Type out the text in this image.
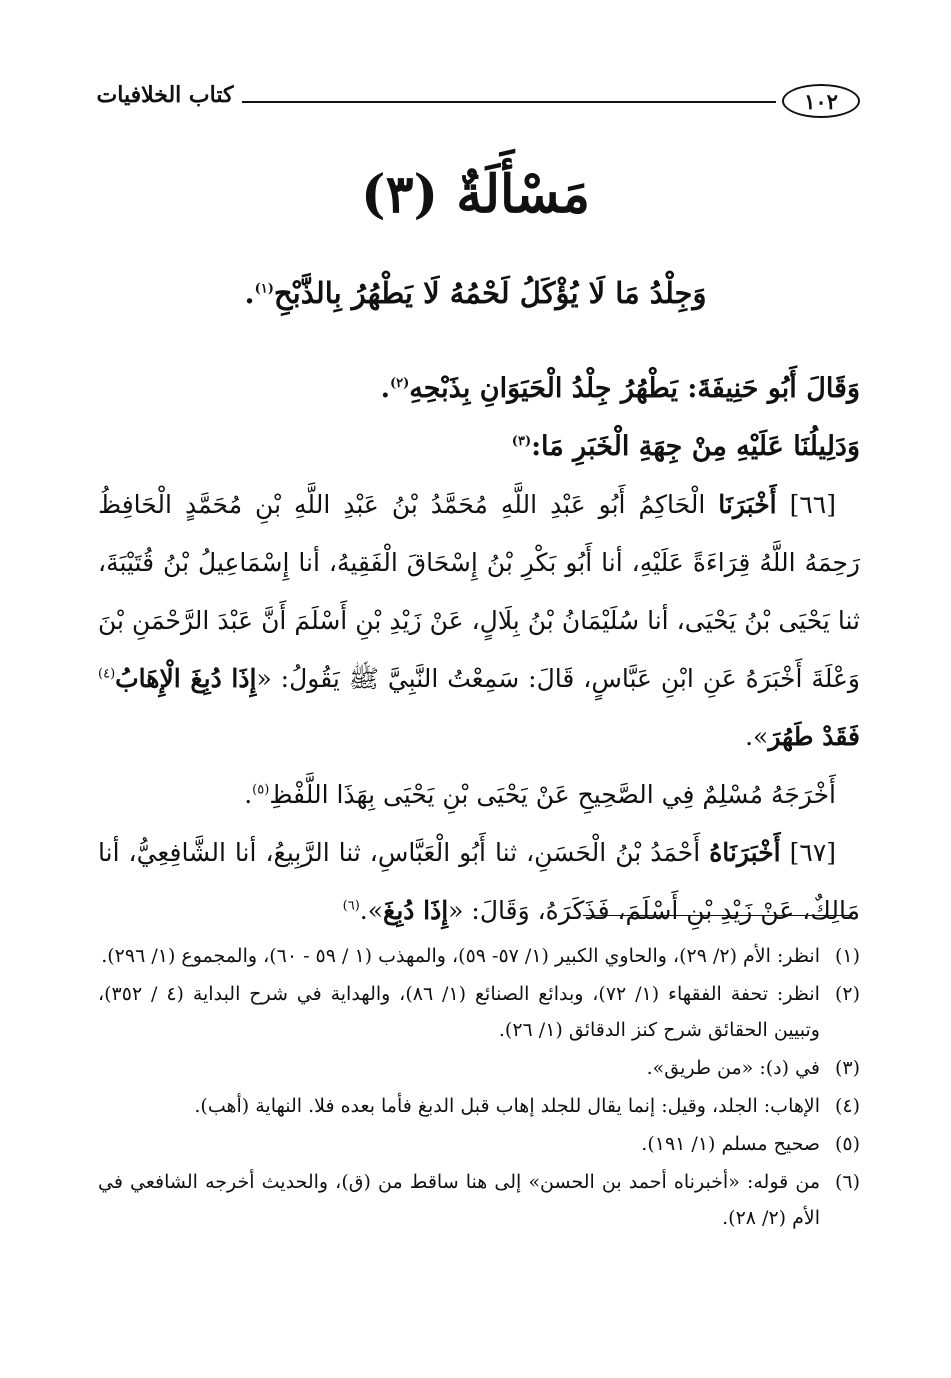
١٠٢
كتاب الخلافيات
مَسْأَلَةٌ (٣)
وَجِلْدُ مَا لَا يُؤْكَلُ لَحْمُهُ لَا يَطْهُرُ بِالذَّبْحِ$^{(١)}$.

وَقَالَ أَبُو حَنِيفَةَ: يَطْهُرُ جِلْدُ الْحَيَوَانِ بِذَبْحِهِ$^{(٢)}$.

وَدَلِيلُنَا عَلَيْهِ مِنْ جِهَةِ الْخَبَرِ مَا:$^{(٣)}$

[٦٦] أَخْبَرَنَا الْحَاكِمُ أَبُو عَبْدِ اللَّهِ مُحَمَّدُ بْنُ عَبْدِ اللَّهِ بْنِ مُحَمَّدٍ الْحَافِظُ رَحِمَهُ اللَّهُ قِرَاءَةً عَلَيْهِ، أنا أَبُو بَكْرِ بْنُ إِسْحَاقَ الْفَقِيهُ، أنا إِسْمَاعِيلُ بْنُ قُتَيْبَةَ، ثنا يَحْيَى بْنُ يَحْيَى، أنا سُلَيْمَانُ بْنُ بِلَالٍ، عَنْ زَيْدِ بْنِ أَسْلَمَ أَنَّ عَبْدَ الرَّحْمَنِ بْنَ وَعْلَةَ أَخْبَرَهُ عَنِ ابْنِ عَبَّاسٍ، قَالَ: سَمِعْتُ النَّبِيَّ ﷺ يَقُولُ: «إِذَا دُبِغَ الْإِهَابُ$^{(٤)}$ فَقَدْ طَهُرَ».

أَخْرَجَهُ مُسْلِمٌ فِي الصَّحِيحِ عَنْ يَحْيَى بْنِ يَحْيَى بِهَذَا اللَّفْظِ$^{(٥)}$.

[٦٧] أَخْبَرَنَاهُ أَحْمَدُ بْنُ الْحَسَنِ، ثنا أَبُو الْعَبَّاسِ، ثنا الرَّبِيعُ، أنا الشَّافِعِيُّ، أنا مَالِكٌ، عَنْ زَيْدِ بْنِ أَسْلَمَ، فَذَكَرَهُ، وَقَالَ: «إِذَا دُبِغَ».$^{(٦)}$

(١)
انظر: الأم (٢/ ٢٩)، والحاوي الكبير (١/ ٥٧- ٥٩)، والمهذب (١ / ٥٩ - ٦٠)، والمجموع (١/ ٢٩٦).
(٢)
انظر: تحفة الفقهاء (١/ ٧٢)، وبدائع الصنائع (١/ ٨٦)، والهداية في شرح البداية (٤ / ٣٥٢)، وتبيين الحقائق شرح كنز الدقائق (١/ ٢٦).
(٣)
في (د): «من طريق».
(٤)
الإهاب: الجلد، وقيل: إنما يقال للجلد إهاب قبل الدبغ فأما بعده فلا. النهاية (أهب).
(٥)
صحيح مسلم (١/ ١٩١).
(٦)
من قوله: «أخبرناه أحمد بن الحسن» إلى هنا ساقط من (ق)، والحديث أخرجه الشافعي في الأم (٢/ ٢٨).
